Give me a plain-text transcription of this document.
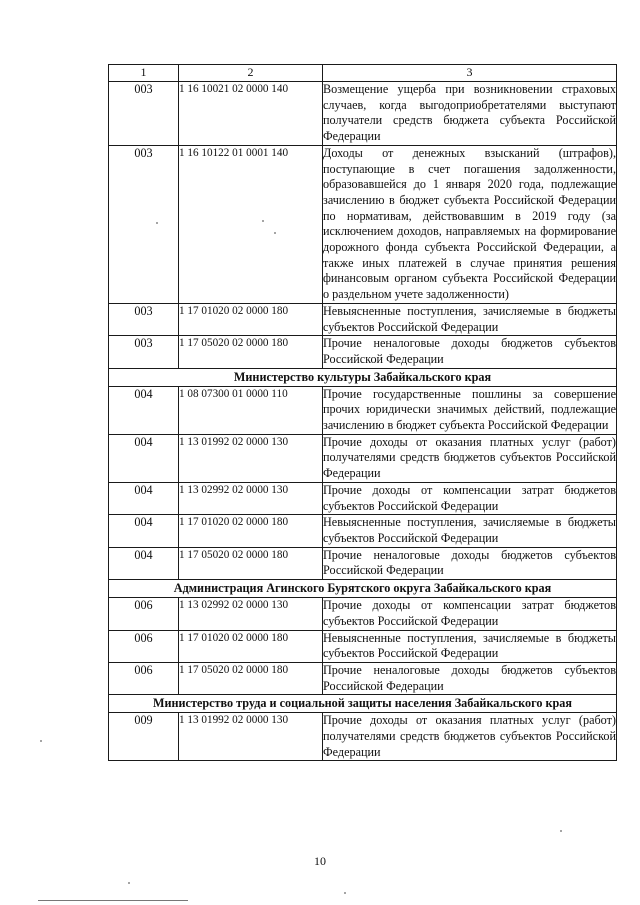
1	2	3
003	1 16 10021 02 0000 140	Возмещение ущерба при возникновении страховых случаев, когда выгодоприобретателями выступают получатели средств бюджета субъекта Российской Федерации
003	1 16 10122 01 0001 140	Доходы от денежных взысканий (штрафов), поступающие в счет погашения задолженности, образовавшейся до 1 января 2020 года, подлежащие зачислению в бюджет субъекта Российской Федерации по нормативам, действовавшим в 2019 году (за исключением доходов, направляемых на формирование дорожного фонда субъекта Российской Федерации, а также иных платежей в случае принятия решения финансовым органом субъекта Российской Федерации о раздельном учете задолженности)
003	1 17 01020 02 0000 180	Невыясненные поступления, зачисляемые в бюджеты субъектов Российской Федерации
003	1 17 05020 02 0000 180	Прочие неналоговые доходы бюджетов субъектов Российской Федерации
Министерство культуры Забайкальского края		
004	1 08 07300 01 0000 110	Прочие государственные пошлины за совершение прочих юридически значимых действий, подлежащие зачислению в бюджет субъекта Российской Федерации
004	1 13 01992 02 0000 130	Прочие доходы от оказания платных услуг (работ) получателями средств бюджетов субъектов Российской Федерации
004	1 13 02992 02 0000 130	Прочие доходы от компенсации затрат бюджетов субъектов Российской Федерации
004	1 17 01020 02 0000 180	Невыясненные поступления, зачисляемые в бюджеты субъектов Российской Федерации
004	1 17 05020 02 0000 180	Прочие неналоговые доходы бюджетов субъектов Российской Федерации
Администрация Агинского Бурятского округа Забайкальского края		
006	1 13 02992 02 0000 130	Прочие доходы от компенсации затрат бюджетов субъектов Российской Федерации
006	1 17 01020 02 0000 180	Невыясненные поступления, зачисляемые в бюджеты субъектов Российской Федерации
006	1 17 05020 02 0000 180	Прочие неналоговые доходы бюджетов субъектов Российской Федерации
Министерство труда и социальной защиты населения Забайкальского края		
009	1 13 01992 02 0000 130	Прочие доходы от оказания платных услуг (работ) получателями средств бюджетов субъектов Российской Федерации
10
